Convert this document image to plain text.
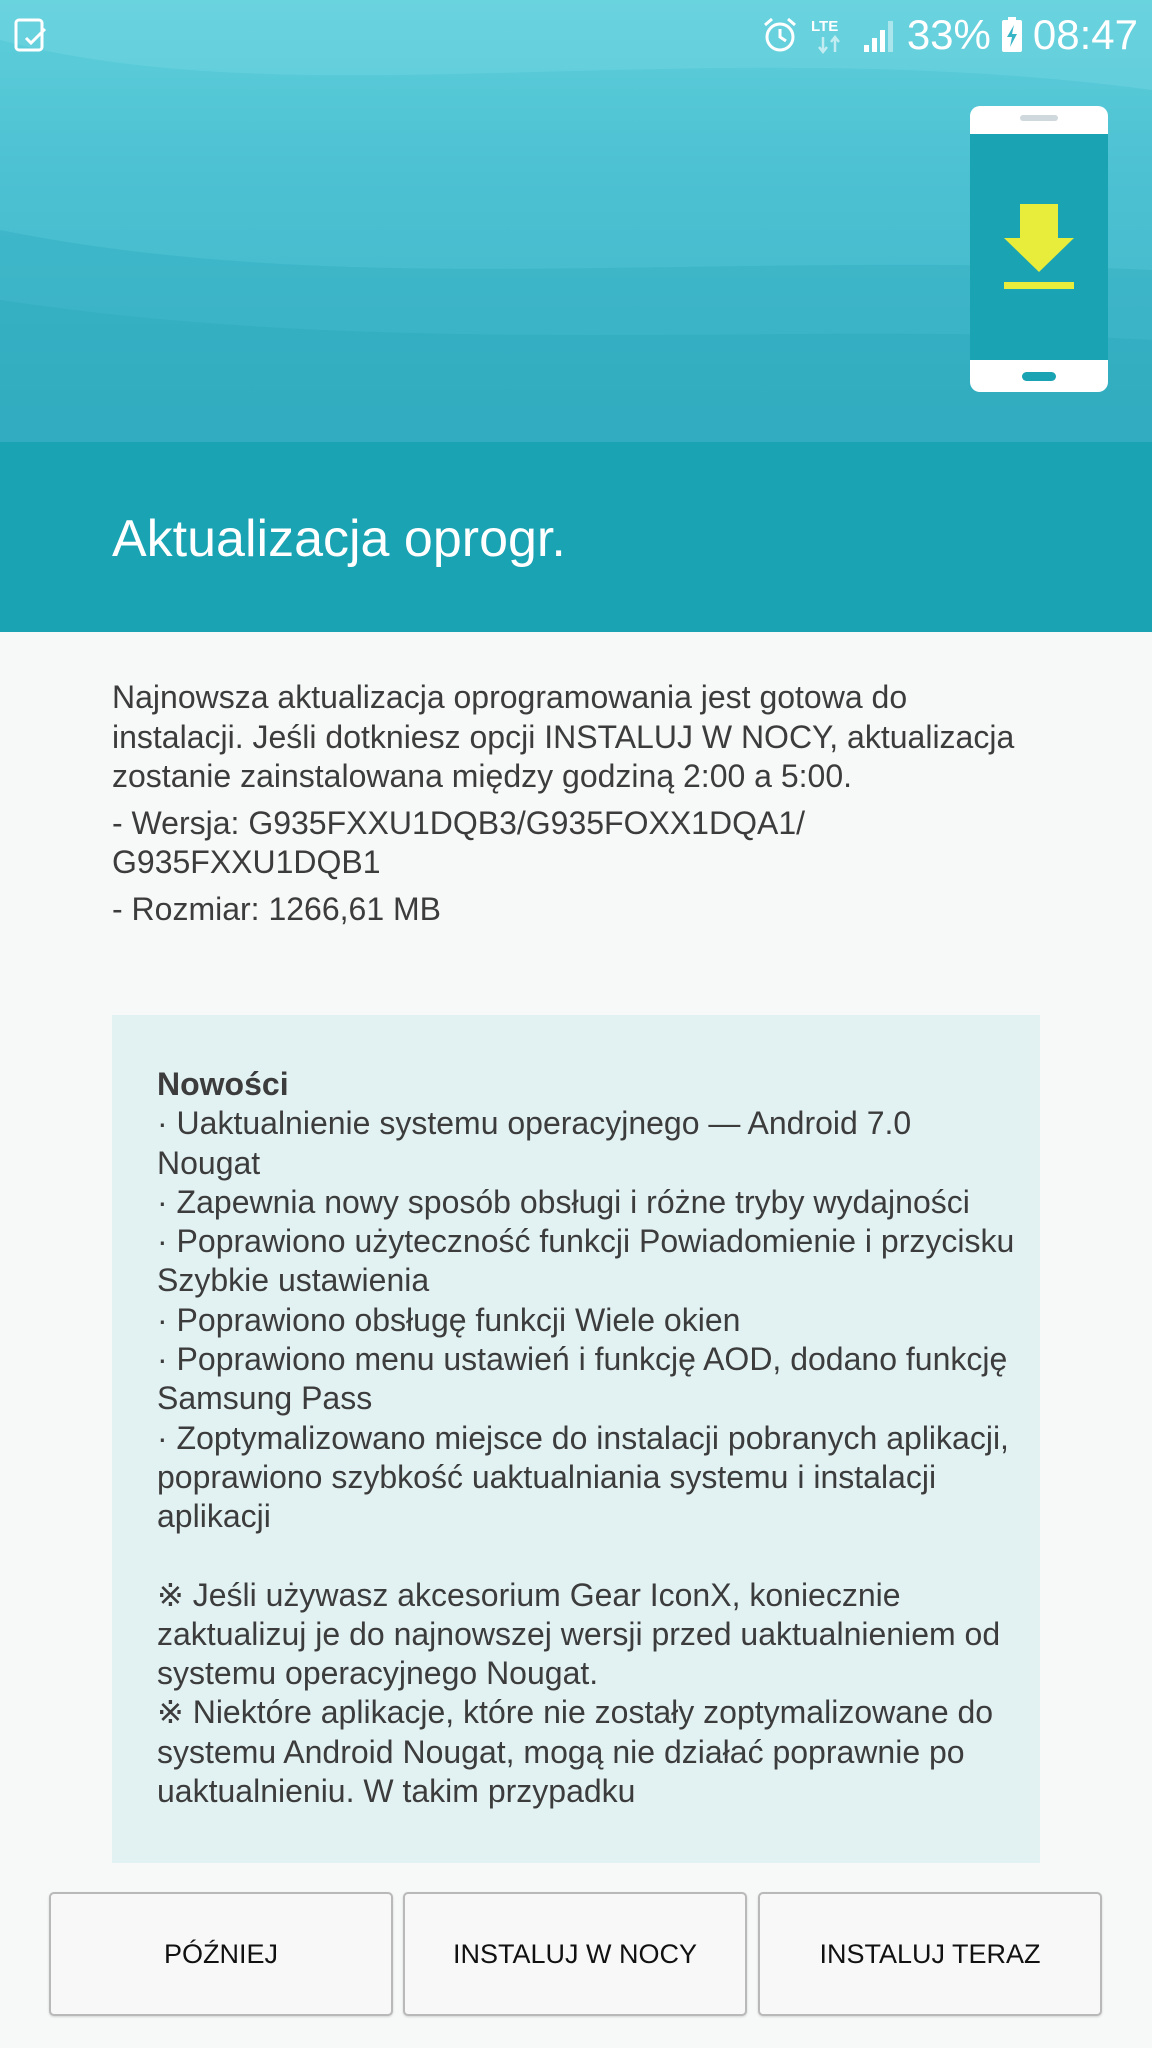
LTE 33% 08:47
Aktualizacja oprogr.

Najnowsza aktualizacja oprogramowania jest gotowa do instalacji. Jeśli dotkniesz opcji INSTALUJ W NOCY, aktualizacja zostanie zainstalowana między godziną 2:00 a 5:00.

- Wersja: G935FXXU1DQB3/G935FOXX1DQA1/ G935FXXU1DQB1

- Rozmiar: 1266,61 MB

Nowości

· Uaktualnienie systemu operacyjnego — Android 7.0 Nougat
· Zapewnia nowy sposób obsługi i różne tryby wydajności
· Poprawiono użyteczność funkcji Powiadomienie i przycisku Szybkie ustawienia
· Poprawiono obsługę funkcji Wiele okien
· Poprawiono menu ustawień i funkcję AOD, dodano funkcję Samsung Pass
· Zoptymalizowano miejsce do instalacji pobranych aplikacji, poprawiono szybkość uaktualniania systemu i instalacji aplikacji

※ Jeśli używasz akcesorium Gear IconX, koniecznie zaktualizuj je do najnowszej wersji przed uaktualnieniem od systemu operacyjnego Nougat.

※ Niektóre aplikacje, które nie zostały zoptymalizowane do systemu Android Nougat, mogą nie działać poprawnie po uaktualnieniu. W takim przypadku

PÓŹNIEJ	INSTALUJ W NOCY	INSTALUJ TERAZ
